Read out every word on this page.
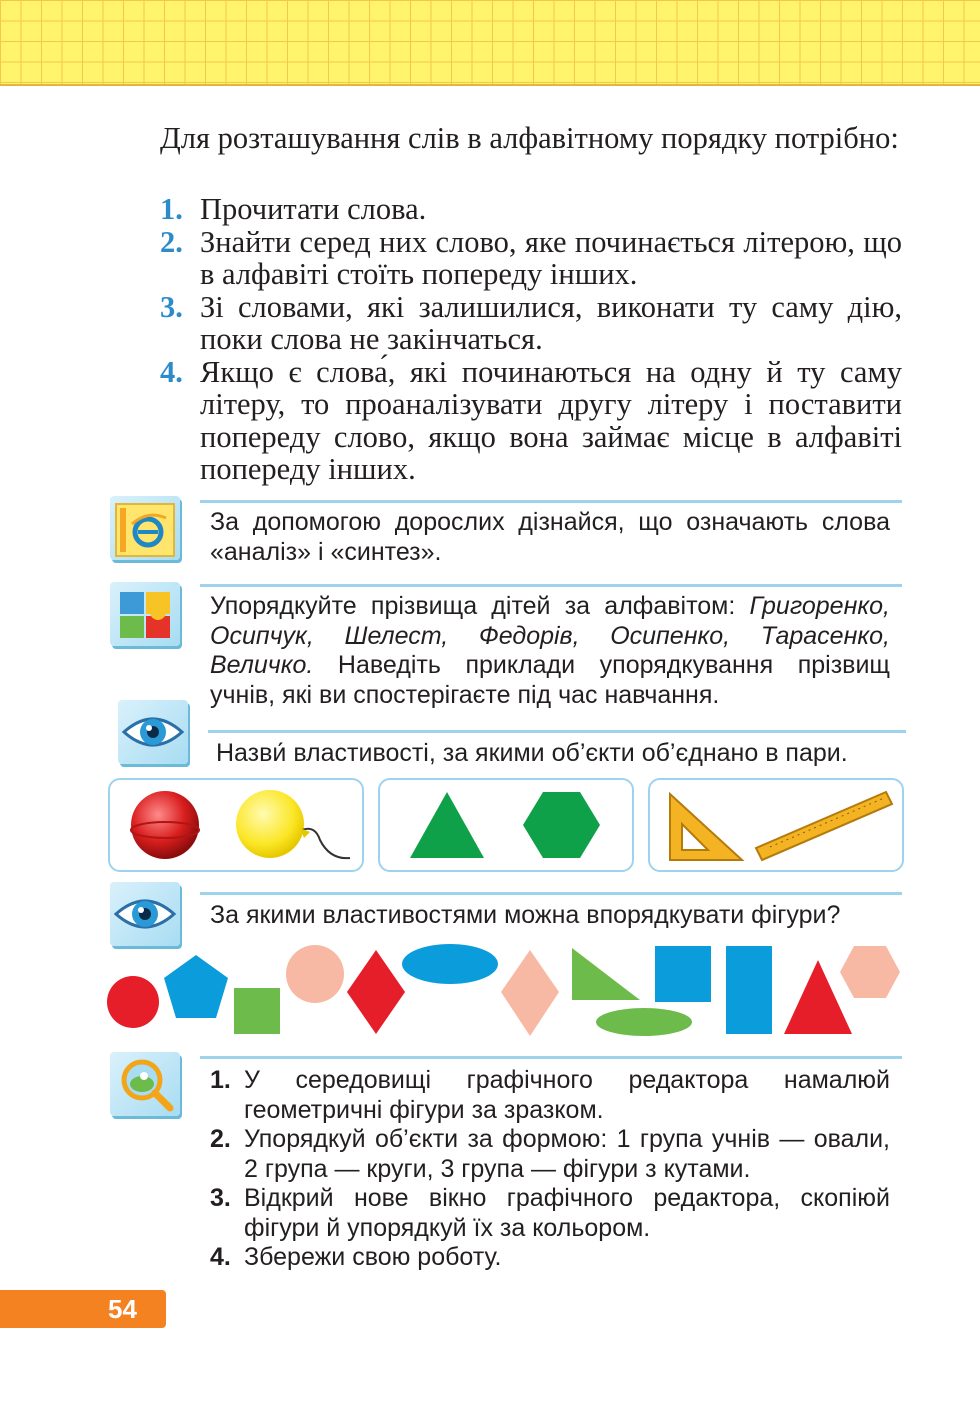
Для розташування слів в алфавітному порядку потрібно:

1. Прочитати слова.
2. Знайти серед них слово, яке починається літерою, що в алфавіті стоїть попереду інших.
3. Зі словами, які залишилися, виконати ту саму дію, поки слова не закінчаться.
4. Якщо є слова́, які починаються на одну й ту саму літеру, то проаналізувати другу літеру і поставити попереду слово, якщо вона займає місце в алфавіті попереду інших.

За допомогою дорослих дізнайся, що означають слова «аналіз» і «синтез».

Упорядкуйте прізвища дітей за алфавітом: Григоренко, Осипчук, Шелест, Федорів, Осипенко, Тарасенко, Величко. Наведіть приклади упорядкування прізвищ учнів, які ви спостерігаєте під час навчання.

Назви́ властивості, за якими об’єкти об’єднано в пари.

За якими властивостями можна впорядкувати фігури?

1. У середовищі графічного редактора намалюй геометричні фігури за зразком.
2. Упорядкуй об’єкти за формою: 1 група учнів — овали, 2 група — круги, 3 група — фігури з кутами.
3. Відкрий нове вікно графічного редактора, скопіюй фігури й упорядкуй їх за кольором.
4. Збережи свою роботу.
54
